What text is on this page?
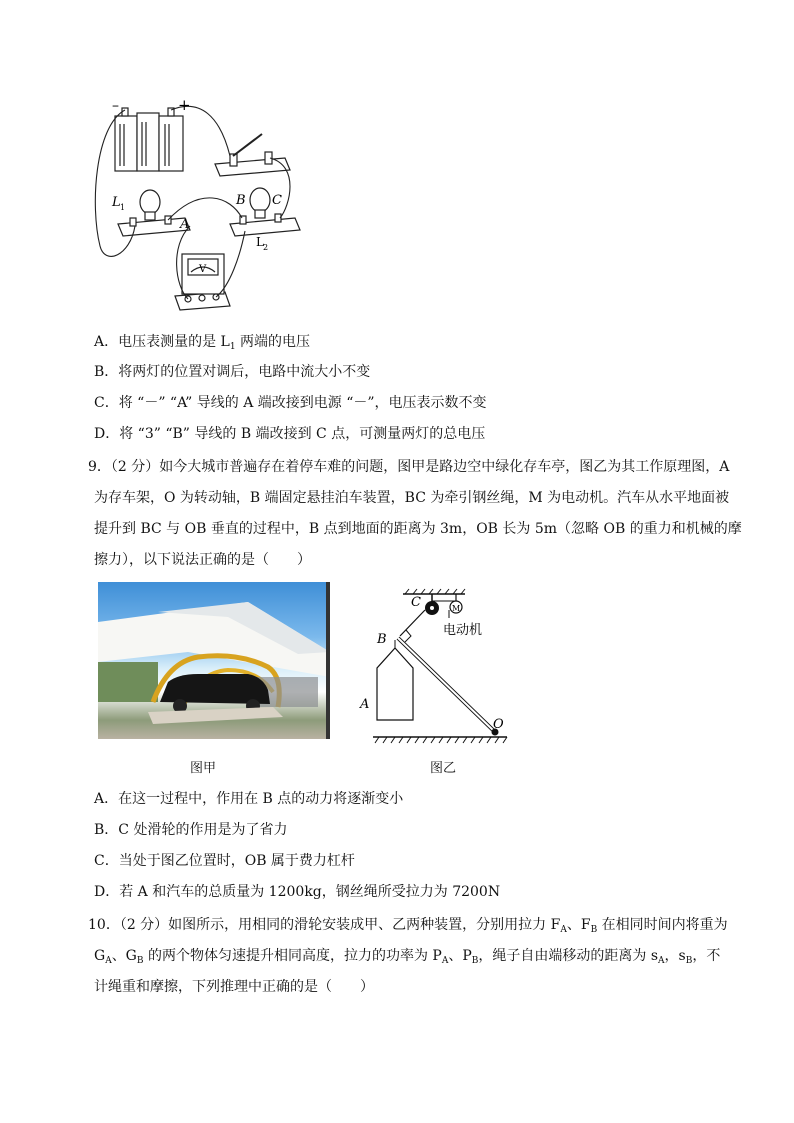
–	+
L 1
A
B C
L 2
V
A．电压表测量的是 $L_1$ 两端的电压
B．将两灯的位置对调后，电路中流大小不变
C．将 “－” “A” 导线的 A 端改接到电源 “－”，电压表示数不变
D．将 “3” “B” 导线的 B 端改接到 C 点，可测量两灯的总电压
9．（2 分）如今大城市普遍存在着停车难的问题，图甲是路边空中绿化存车亭，图乙为其工作原理图，A
为存车架，O 为转动轴，B 端固定悬挂泊车装置，BC 为牵引钢丝绳，M 为电动机。汽车从水平地面被
提升到 BC 与 OB 垂直的过程中，B 点到地面的距离为 3m，OB 长为 5m（忽略 OB 的重力和机械的摩
擦力），以下说法正确的是（　　）
图甲
M
C
B
A
O
电动机
图乙
A．在这一过程中，作用在 B 点的动力将逐渐变小
B．C 处滑轮的作用是为了省力
C．当处于图乙位置时，OB 属于费力杠杆
D．若 A 和汽车的总质量为 1200kg，钢丝绳所受拉力为 7200N
10．（2 分）如图所示，用相同的滑轮安装成甲、乙两种装置，分别用拉力 $F_A$、$F_B$ 在相同时间内将重为
$G_A$、$G_B$ 的两个物体匀速提升相同高度，拉力的功率为 $P_A$、$P_B$，绳子自由端移动的距离为 $s_A$，$s_B$，不
计绳重和摩擦，下列推理中正确的是（　　）
